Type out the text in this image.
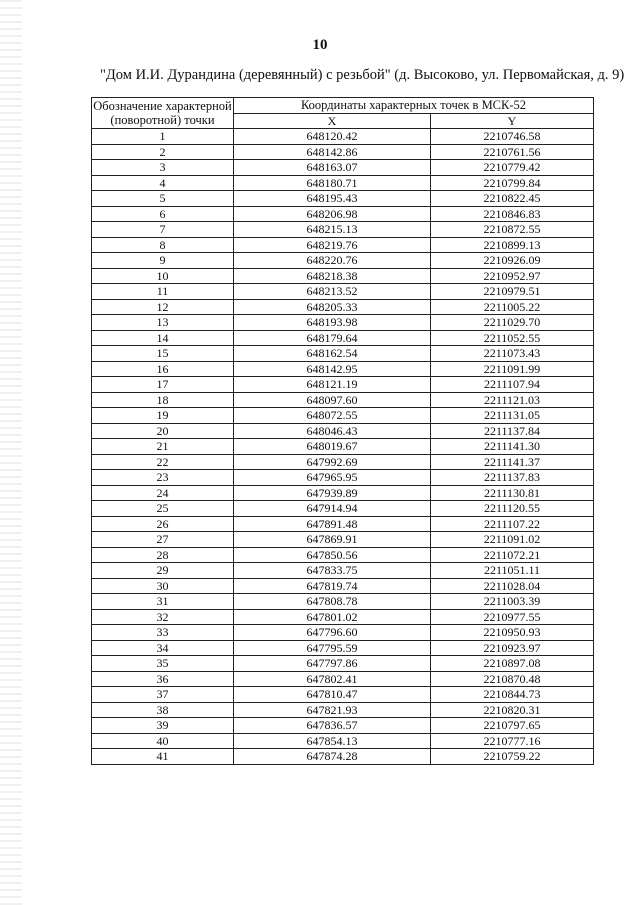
10
"Дом И.И. Дурандина (деревянный) с резьбой" (д. Высоково, ул. Первомайская, д. 9)
Обозначение характерной (поворотной) точки	Координаты характерных точек в МСК-52	
	X	Y
1	648120.42	2210746.58
2	648142.86	2210761.56
3	648163.07	2210779.42
4	648180.71	2210799.84
5	648195.43	2210822.45
6	648206.98	2210846.83
7	648215.13	2210872.55
8	648219.76	2210899.13
9	648220.76	2210926.09
10	648218.38	2210952.97
11	648213.52	2210979.51
12	648205.33	2211005.22
13	648193.98	2211029.70
14	648179.64	2211052.55
15	648162.54	2211073.43
16	648142.95	2211091.99
17	648121.19	2211107.94
18	648097.60	2211121.03
19	648072.55	2211131.05
20	648046.43	2211137.84
21	648019.67	2211141.30
22	647992.69	2211141.37
23	647965.95	2211137.83
24	647939.89	2211130.81
25	647914.94	2211120.55
26	647891.48	2211107.22
27	647869.91	2211091.02
28	647850.56	2211072.21
29	647833.75	2211051.11
30	647819.74	2211028.04
31	647808.78	2211003.39
32	647801.02	2210977.55
33	647796.60	2210950.93
34	647795.59	2210923.97
35	647797.86	2210897.08
36	647802.41	2210870.48
37	647810.47	2210844.73
38	647821.93	2210820.31
39	647836.57	2210797.65
40	647854.13	2210777.16
41	647874.28	2210759.22
